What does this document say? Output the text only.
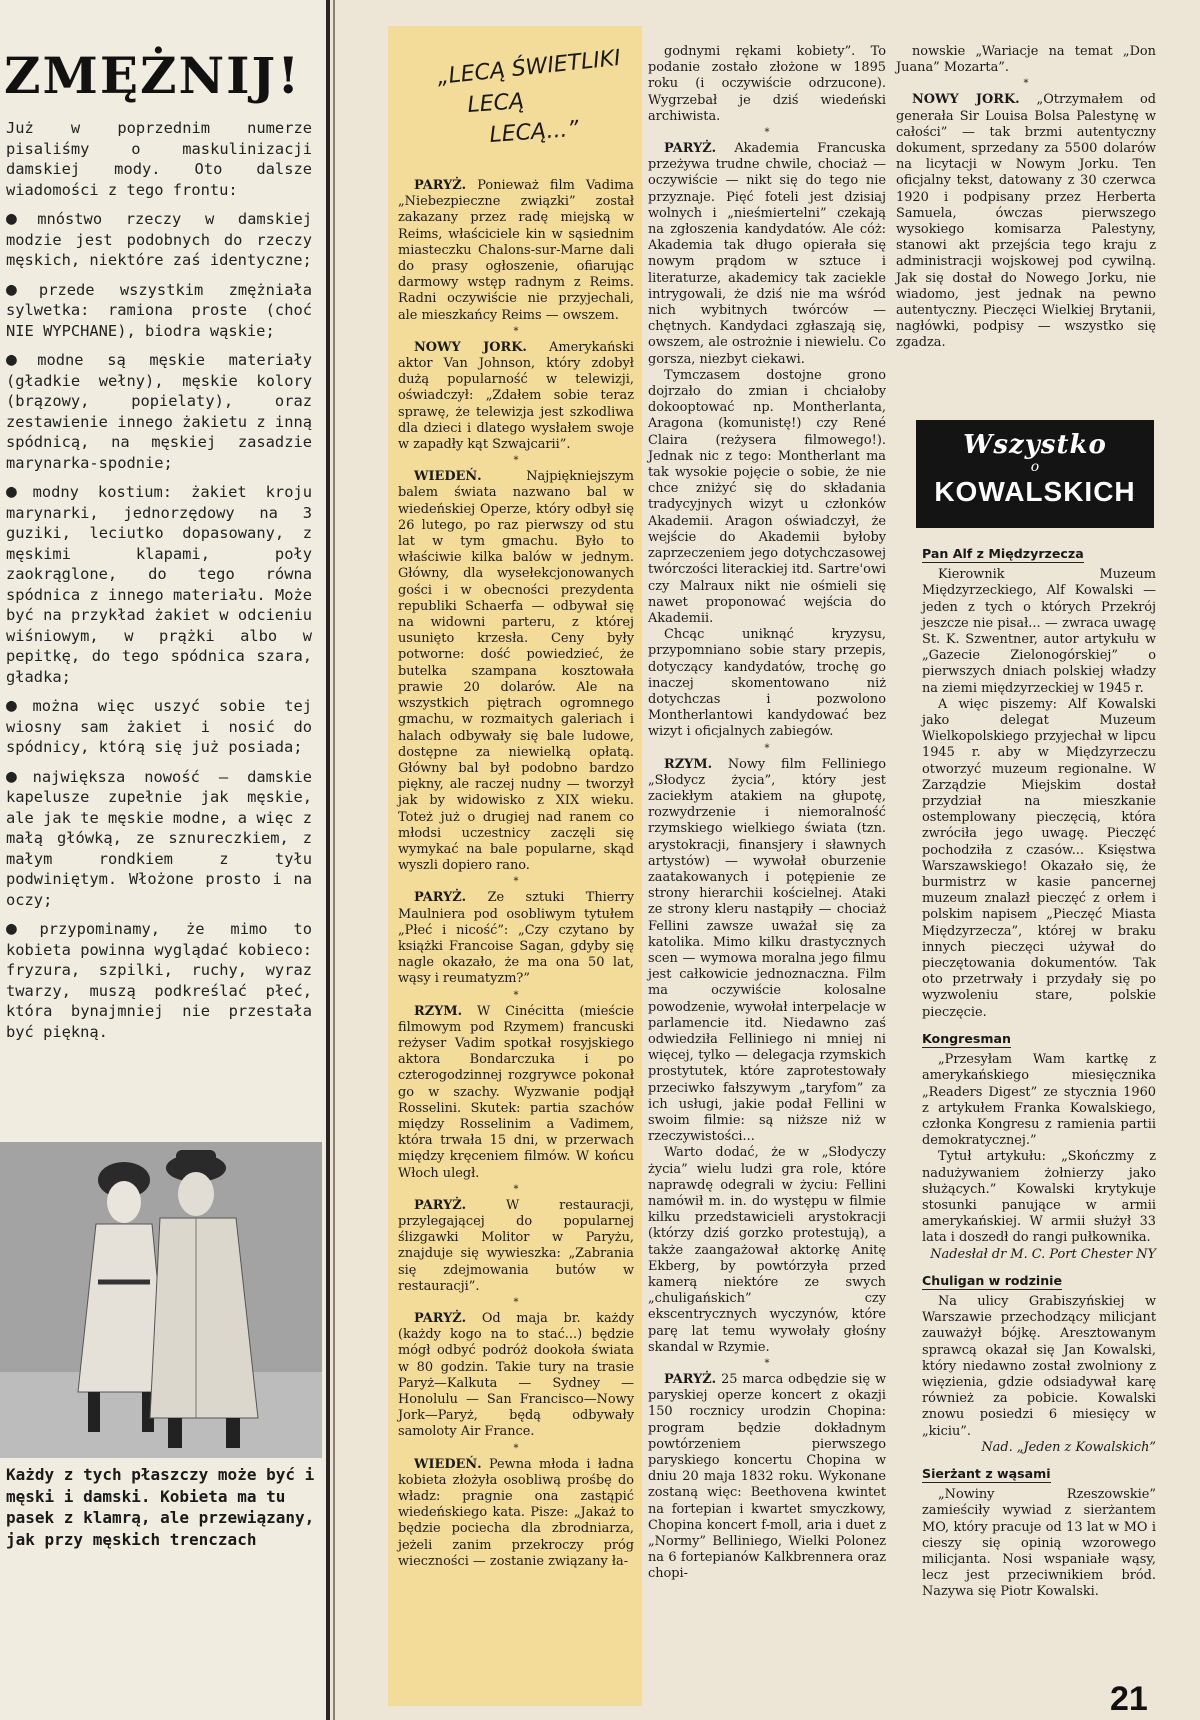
ZMĘŻNIJ!

Już w poprzednim numerze pisaliśmy o maskulinizacji damskiej mody. Oto dalsze wiadomości z tego frontu:

● mnóstwo rzeczy w damskiej modzie jest podobnych do rzeczy męskich, niektóre zaś identyczne;

● przede wszystkim zmężniała sylwetka: ramiona proste (choć NIE WYPCHANE), biodra wąskie;

● modne są męskie materiały (gładkie wełny), męskie kolory (brązowy, popielaty), oraz zestawienie innego żakietu z inną spódnicą, na męskiej zasadzie marynarka-spodnie;

● modny kostium: żakiet kroju marynarki, jednorzędowy na 3 guziki, leciutko dopasowany, z męskimi klapami, poły zaokrąglone, do tego równa spódnica z innego materiału. Może być na przykład żakiet w odcieniu wiśniowym, w prążki albo w pepitkę, do tego spódnica szara, gładka;

● można więc uszyć sobie tej wiosny sam żakiet i nosić do spódnicy, którą się już posiada;

● największa nowość — damskie kapelusze zupełnie jak męskie, ale jak te męskie modne, a więc z małą główką, ze sznureczkiem, z małym rondkiem z tyłu podwiniętym. Włożone prosto i na oczy;

● przypominamy, że mimo to kobieta powinna wyglądać kobieco: fryzura, szpilki, ruchy, wyraz twarzy, muszą podkreślać płeć, która bynajmniej nie przestała być piękną.

Każdy z tych płaszczy może być i męski i damski. Kobieta ma tu pasek z klamrą, ale przewiązany, jak przy męskich trenczach
„LECĄ ŚWIETLIKI
LECĄ
LECĄ...”

PARYŻ. Ponieważ film Vadima „Niebezpieczne związki” został zakazany przez radę miejską w Reims, właściciele kin w sąsiednim miasteczku Chalons-sur-Marne dali do prasy ogłoszenie, ofiarując darmowy wstęp radnym z Reims. Radni oczywiście nie przyjechali, ale mieszkańcy Reims — owszem.

*

NOWY JORK. Amerykański aktor Van Johnson, który zdobył dużą popularność w telewizji, oświadczył: „Zdałem sobie teraz sprawę, że telewizja jest szkodliwa dla dzieci i dlatego wysłałem swoje w zapadły kąt Szwajcarii”.

*

WIEDEŃ.	Najpiękniejszym balem świata nazwano bal w wiedeńskiej Operze, który odbył się 26 lutego, po raz pierwszy od stu lat w tym gmachu. Było to właściwie kilka balów w jednym. Główny, dla wysełekcjonowanych gości i w obecności prezydenta republiki Schaerfa — odbywał się na widowni parteru, z której usunięto krzesła. Ceny były potworne: dość powiedzieć, że butelka szampana kosztowała prawie 20 dolarów. Ale na wszystkich piętrach ogromnego gmachu, w rozmaitych galeriach i halach odbywały się bale ludowe, dostępne za niewielką opłatą. Główny bal był podobno bardzo piękny, ale raczej nudny — tworzył jak by widowisko z XIX wieku. Toteż już o drugiej nad ranem co młodsi uczestnicy zaczęli się wymykać na bale popularne, skąd wyszli dopiero rano.

*

PARYŻ. Ze sztuki Thierry Maulniera pod osobliwym tytułem „Płeć i nicość”: „Czy czytano by książki Francoise Sagan, gdyby się nagle okazało, że ma ona 50 lat, wąsy i reumatyzm?”

*

RZYM. W Cinécitta (mieście filmowym pod Rzymem) francuski reżyser Vadim spotkał rosyjskiego aktora Bondarczuka i po czterogodzinnej rozgrywce pokonał go w szachy. Wyzwanie podjął Rosselini. Skutek: partia szachów między Rosselinim a Vadimem, która trwała 15 dni, w przerwach między kręceniem filmów. W końcu Włoch uległ.

*

PARYŻ.	W restauracji, przylegającej do popularnej ślizgawki Molitor w Paryżu, znajduje się wywieszka: „Zabrania się zdejmowania butów w restauracji”.

*

PARYŻ. Od maja br. każdy (każdy kogo na to stać...) będzie mógł odbyć podróż dookoła świata w 80 godzin. Takie tury na trasie Paryż—Kalkuta — Sydney — Honolulu — San Francisco—Nowy Jork—Paryż, będą odbywały samoloty Air France.

*

WIEDEŃ. Pewna młoda i ładna kobieta złożyła osobliwą prośbę do władz: pragnie ona zastąpić wiedeńskiego kata. Pisze: „Jakaż to będzie pociecha dla zbrodniarza, jeżeli zanim przekroczy próg wieczności — zostanie związany ła-

godnymi rękami kobiety”. To podanie zostało złożone w 1895 roku (i oczywiście odrzucone). Wygrzebał je dziś wiedeński archiwista.

*

PARYŻ. Akademia Francuska przeżywa trudne chwile, chociaż — oczywiście — nikt się do tego nie przyznaje. Pięć foteli jest dzisiaj wolnych i „nieśmiertelni” czekają na zgłoszenia kandydatów. Ale cóż: Akademia tak długo opierała się nowym prądom w sztuce i literaturze, akademicy tak zaciekle intrygowali, że dziś nie ma wśród nich wybitnych twórców — chętnych. Kandydaci zgłaszają się, owszem, ale ostrożnie i niewielu. Co gorsza, niezbyt ciekawi.

Tymczasem dostojne grono dojrzało do zmian i chciałoby dokooptować np. Montherlanta, Aragona (komunistę!) czy René Claira (reżysera filmowego!). Jednak nic z tego: Montherlant ma tak wysokie pojęcie o sobie, że nie chce zniżyć się do składania tradycyjnych wizyt u członków Akademii. Aragon oświadczył, że wejście do Akademii byłoby zaprzeczeniem jego dotychczasowej twórczości literackiej itd. Sartre'owi czy Malraux nikt nie ośmieli się nawet proponować wejścia do Akademii.

Chcąc uniknąć kryzysu, przypomniano sobie stary przepis, dotyczący kandydatów, trochę go inaczej skomentowano niż dotychczas i pozwolono Montherlantowi kandydować bez wizyt i oficjalnych zabiegów.

*

RZYM. Nowy film Felliniego „Słodycz życia”, który jest zaciekłym atakiem na głupotę, rozwydrzenie i niemoralność rzymskiego wielkiego świata (tzn. arystokracji, finansjery i sławnych artystów) — wywołał oburzenie zaatakowanych i potępienie ze strony hierarchii kościelnej. Ataki ze strony kleru nastąpiły — chociaż Fellini zawsze uważał się za katolika. Mimo kilku drastycznych scen — wymowa moralna jego filmu jest całkowicie jednoznaczna. Film ma oczywiście kolosalne powodzenie, wywołał interpelacje w parlamencie itd. Niedawno zaś odwiedziła Felliniego ni mniej ni więcej, tylko — delegacja rzymskich prostytutek, które zaprotestowały przeciwko fałszywym „taryfom” za ich usługi, jakie podał Fellini w swoim filmie: są niższe niż w rzeczywistości...

Warto dodać, że w „Słodyczy życia” wielu ludzi gra role, które naprawdę odegrali w życiu: Fellini namówił m. in. do występu w filmie kilku przedstawicieli arystokracji (którzy dziś gorzko protestują), a także zaangażował aktorkę Anitę Ekberg, by powtórzyła przed kamerą niektóre ze swych „chuligańskich” czy ekscentrycznych wyczynów, które parę lat temu wywołały głośny skandal w Rzymie.

*

PARYŻ. 25 marca odbędzie się w paryskiej operze koncert z okazji 150 rocznicy urodzin Chopina: program będzie dokładnym powtórzeniem pierwszego paryskiego koncertu Chopina w dniu 20 maja 1832 roku. Wykonane zostaną więc: Beethovena kwintet na fortepian i kwartet smyczkowy, Chopina koncert f-moll, aria i duet z „Normy” Belliniego, Wielki Polonez na 6 fortepianów Kalkbrennera oraz chopi-

nowskie „Wariacje na temat „Don Juana” Mozarta”.

*

NOWY JORK. „Otrzymałem od generała Sir Louisa Bolsa Palestynę w całości” — tak brzmi autentyczny dokument, sprzedany za 5500 dolarów na licytacji w Nowym Jorku. Ten oficjalny tekst, datowany z 30 czerwca 1920 i podpisany przez Herberta Samuela, ówczas pierwszego wysokiego komisarza Palestyny, stanowi akt przejścia tego kraju z administracji wojskowej pod cywilną. Jak się dostał do Nowego Jorku, nie wiadomo, jest jednak na pewno autentyczny. Pieczęci Wielkiej Brytanii, nagłówki, podpisy — wszystko się zgadza.

Wszystko
o
KOWALSKICH
Pan Alf z Międzyrzecza

Kierownik Muzeum Międzyrzeckiego, Alf Kowalski — jeden z tych o których Przekrój jeszcze nie pisał... — zwraca uwagę St. K. Szwentner, autor artykułu w „Gazecie Zielonogórskiej” o pierwszych dniach polskiej władzy na ziemi międzyrzeckiej w 1945 r.

A więc piszemy: Alf Kowalski jako delegat Muzeum Wielkopolskiego przyjechał w lipcu 1945 r. aby w Międzyrzeczu otworzyć muzeum regionalne. W Zarządzie Miejskim dostał przydział na mieszkanie ostemplowany pieczęcią, która zwróciła jego uwagę. Pieczęć pochodziła z czasów... Księstwa Warszawskiego! Okazało się, że burmistrz w kasie pancernej muzeum znalazł pieczęć z orłem i polskim napisem „Pieczęć Miasta Międzyrzecza”, której w braku innych pieczęci używał do pieczętowania dokumentów. Tak oto przetrwały i przydały się po wyzwoleniu stare, polskie pieczęcie.

Kongresman

„Przesyłam Wam kartkę z amerykańskiego miesięcznika „Readers Digest” ze stycznia 1960 z artykułem Franka Kowalskiego, członka Kongresu z ramienia partii demokratycznej.”

Tytuł artykułu: „Skończmy z nadużywaniem żołnierzy jako służących.” Kowalski krytykuje stosunki panujące w armii amerykańskiej. W armii służył 33 lata i doszedł do rangi pułkownika.

Nadesłał dr M. C. Port Chester NY

Chuligan w rodzinie

Na ulicy Grabiszyńskiej w Warszawie przechodzący milicjant zauważył bójkę. Aresztowanym sprawcą okazał się Jan Kowalski, który niedawno został zwolniony z więzienia, gdzie odsiadywał karę również za pobicie. Kowalski znowu posiedzi 6 miesięcy w „kiciu”.

Nad. „Jeden z Kowalskich”

Sierżant z wąsami

„Nowiny Rzeszowskie” zamieściły wywiad z sierżantem MO, który pracuje od 13 lat w MO i cieszy się opinią wzorowego milicjanta. Nosi wspaniałe wąsy, lecz jest przeciwnikiem bród. Nazywa się Piotr Kowalski.

21
